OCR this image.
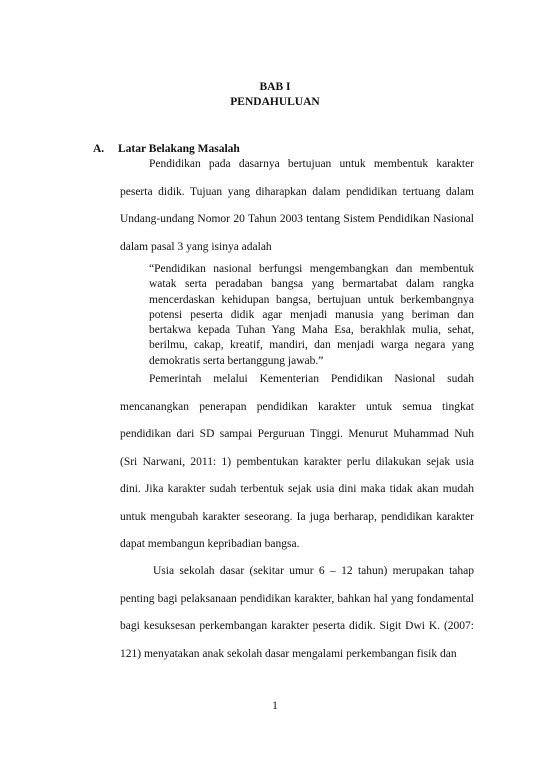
BAB I
PENDAHULUAN
A. Latar Belakang Masalah

Pendidikan pada dasarnya bertujuan untuk membentuk karakter peserta didik. Tujuan yang diharapkan dalam pendidikan tertuang dalam Undang-undang Nomor 20 Tahun 2003 tentang Sistem Pendidikan Nasional dalam pasal 3 yang isinya adalah

“Pendidikan nasional berfungsi mengembangkan dan membentuk watak serta peradaban bangsa yang bermartabat dalam rangka mencerdaskan kehidupan bangsa, bertujuan untuk berkembangnya potensi peserta didik agar menjadi manusia yang beriman dan bertakwa kepada Tuhan Yang Maha Esa, berakhlak mulia, sehat, berilmu, cakap, kreatif, mandiri, dan menjadi warga negara yang demokratis serta bertanggung jawab.”

Pemerintah melalui Kementerian Pendidikan Nasional sudah mencanangkan penerapan pendidikan karakter untuk semua tingkat pendidikan dari SD sampai Perguruan Tinggi. Menurut Muhammad Nuh (Sri Narwani, 2011: 1) pembentukan karakter perlu dilakukan sejak usia dini. Jika karakter sudah terbentuk sejak usia dini maka tidak akan mudah untuk mengubah karakter seseorang. Ia juga berharap, pendidikan karakter dapat membangun kepribadian bangsa.

Usia sekolah dasar (sekitar umur 6 – 12 tahun) merupakan tahap penting bagi pelaksanaan pendidikan karakter, bahkan hal yang fondamental bagi kesuksesan perkembangan karakter peserta didik. Sigit Dwi K. (2007: 121) menyatakan anak sekolah dasar mengalami perkembangan fisik dan

1
